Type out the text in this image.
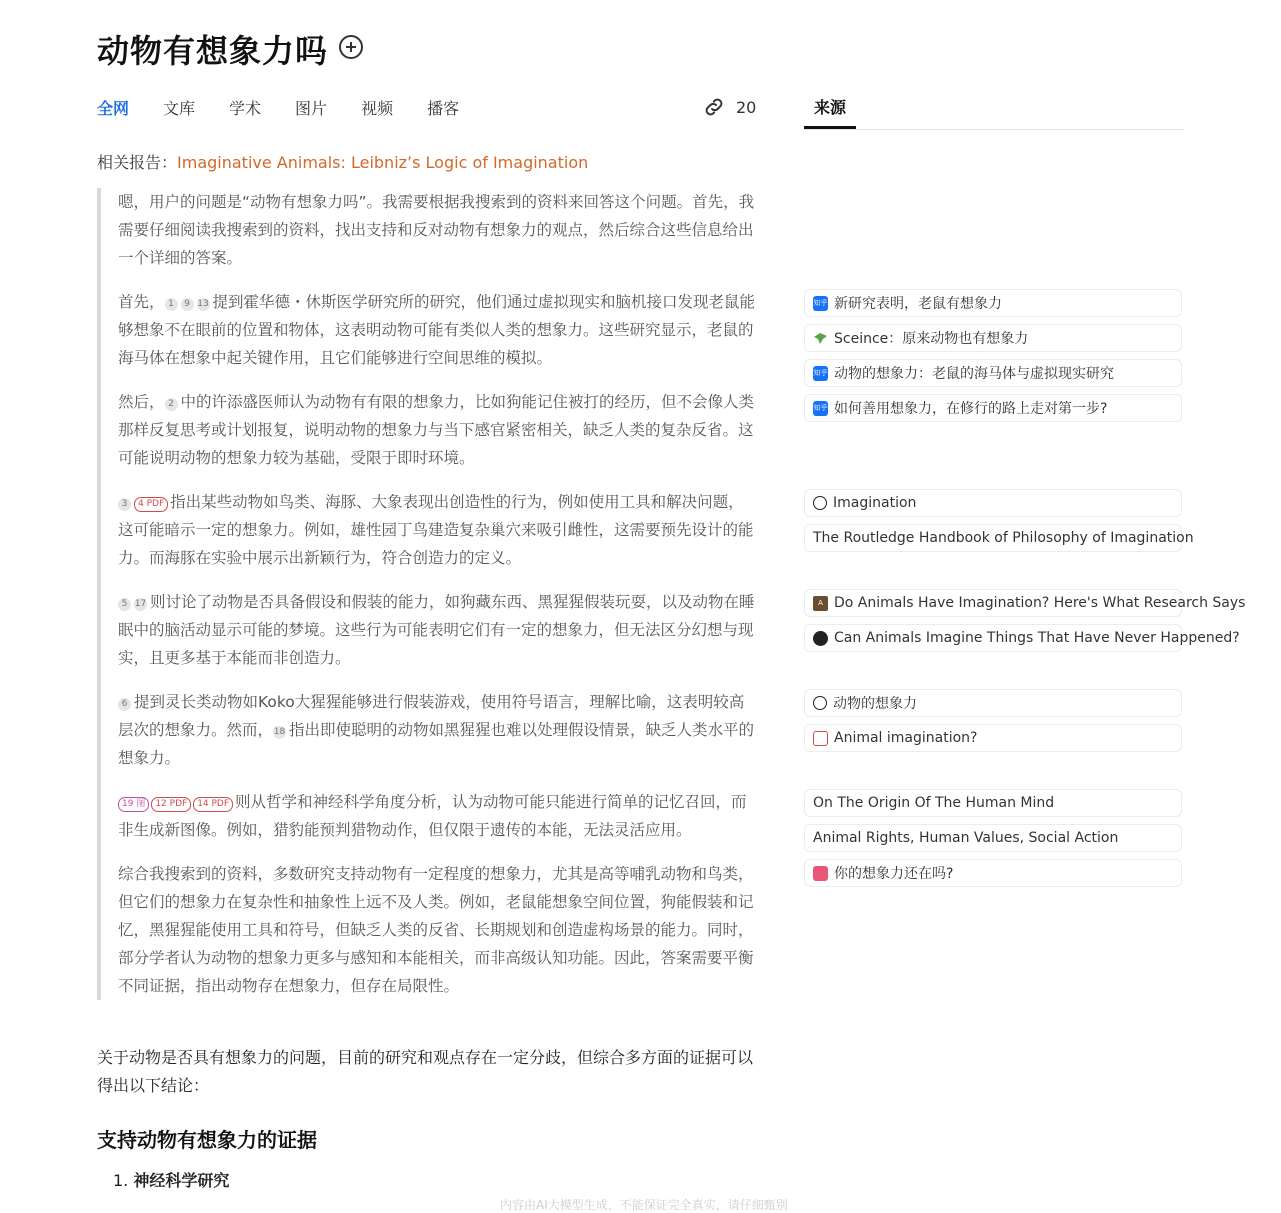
动物有想象力吗
全网 文库 学术 图片 视频 播客	20	来源
相关报告：Imaginative Animals: Leibniz’s Logic of Imagination

嗯，用户的问题是“动物有想象力吗”。我需要根据我搜索到的资料来回答这个问题。首先，我需要仔细阅读我搜索到的资料，找出支持和反对动物有想象力的观点，然后综合这些信息给出一个详细的答案。

首先， 1 9 13 提到霍华德・休斯医学研究所的研究，他们通过虚拟现实和脑机接口发现老鼠能够想象不在眼前的位置和物体，这表明动物可能有类似人类的想象力。这些研究显示，老鼠的海马体在想象中起关键作用，且它们能够进行空间思维的模拟。

然后， 2 中的许添盛医师认为动物有有限的想象力，比如狗能记住被打的经历，但不会像人类那样反复思考或计划报复，说明动物的想象力与当下感官紧密相关，缺乏人类的复杂反省。这可能说明动物的想象力较为基础，受限于即时环境。

3 4 PDF 指出某些动物如鸟类、海豚、大象表现出创造性的行为，例如使用工具和解决问题，这可能暗示一定的想象力。例如，雄性园丁鸟建造复杂巢穴来吸引雌性，这需要预先设计的能力。而海豚在实验中展示出新颖行为，符合创造力的定义。

5 17 则讨论了动物是否具备假设和假装的能力，如狗藏东西、黑猩猩假装玩耍，以及动物在睡眠中的脑活动显示可能的梦境。这些行为可能表明它们有一定的想象力，但无法区分幻想与现实，且更多基于本能而非创造力。

6 提到灵长类动物如Koko大猩猩能够进行假装游戏，使用符号语言，理解比喻，这表明较高层次的想象力。然而，18 指出即使聪明的动物如黑猩猩也难以处理假设情景，缺乏人类水平的想象力。

19 图 12 PDF 14 PDF 则从哲学和神经科学角度分析，认为动物可能只能进行简单的记忆召回，而非生成新图像。例如，猎豹能预判猎物动作，但仅限于遗传的本能，无法灵活应用。

综合我搜索到的资料，多数研究支持动物有一定程度的想象力，尤其是高等哺乳动物和鸟类，但它们的想象力在复杂性和抽象性上远不及人类。例如，老鼠能想象空间位置，狗能假装和记忆，黑猩猩能使用工具和符号，但缺乏人类的反省、长期规划和创造虚构场景的能力。同时，部分学者认为动物的想象力更多与感知和本能相关，而非高级认知功能。因此，答案需要平衡不同证据，指出动物存在想象力，但存在局限性。

关于动物是否具有想象力的问题，目前的研究和观点存在一定分歧，但综合多方面的证据可以得出以下结论：
支持动物有想象力的证据
1. 神经科学研究
内容由AI大模型生成，不能保证完全真实，请仔细甄别
知乎 新研究表明，老鼠有想象力
Sceince：原来动物也有想象力
知乎 动物的想象力：老鼠的海马体与虚拟现实研究
知乎 如何善用想象力，在修行的路上走对第一步?
Imagination
The Routledge Handbook of Philosophy of Imagination
A Do Animals Have Imagination? Here's What Research Says
Can Animals Imagine Things That Have Never Happened?
动物的想象力
Animal imagination?
On The Origin Of The Human Mind
Animal Rights, Human Values, Social Action
你的想象力还在吗?
